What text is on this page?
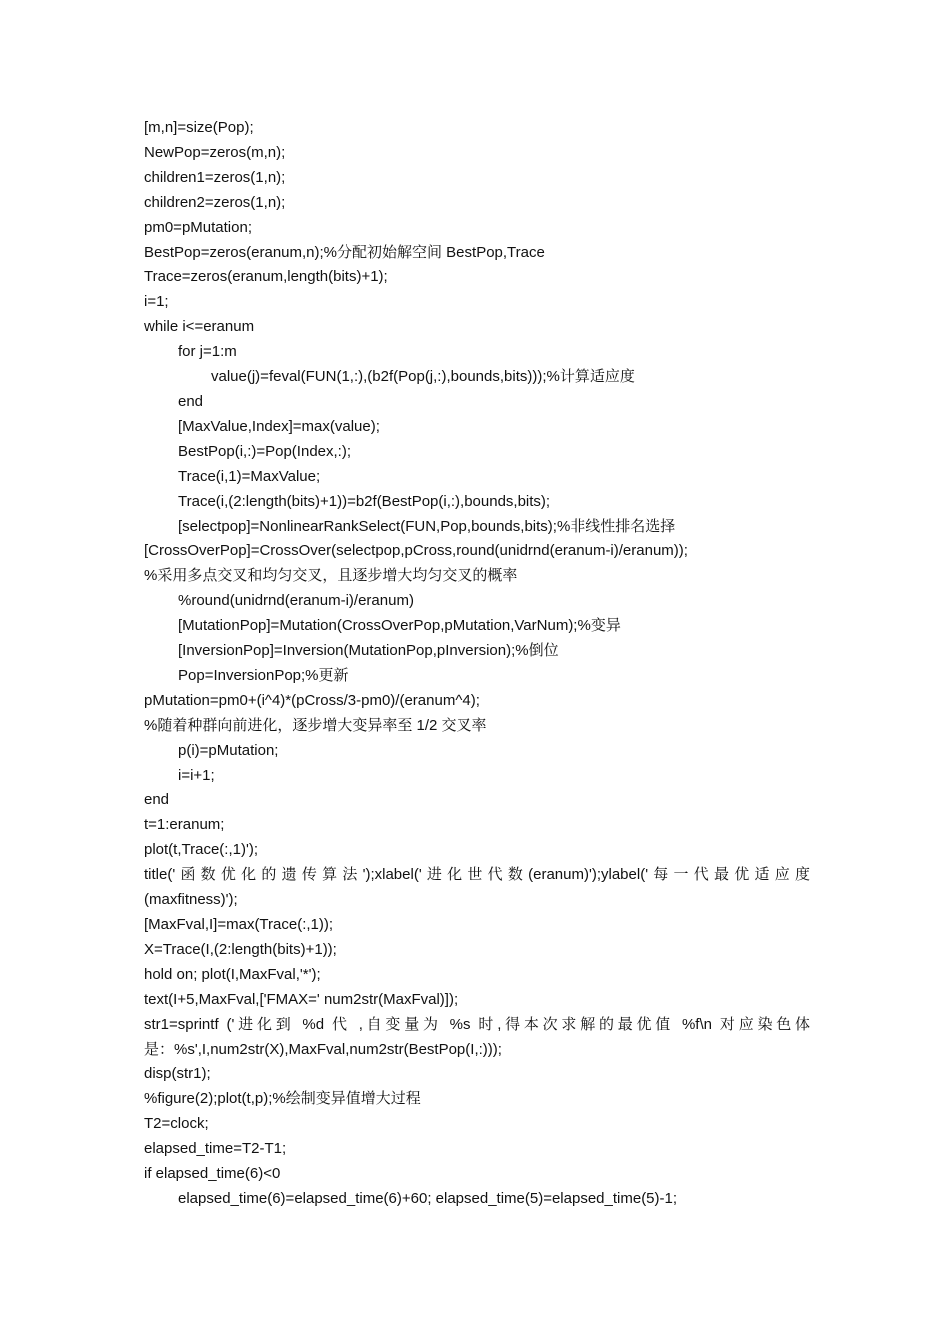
[m,n]=size(Pop);
NewPop=zeros(m,n);
children1=zeros(1,n);
children2=zeros(1,n);
pm0=pMutation;
BestPop=zeros(eranum,n);%分配初始解空间 BestPop,Trace
Trace=zeros(eranum,length(bits)+1);
i=1;
while i<=eranum
for j=1:m
value(j)=feval(FUN(1,:),(b2f(Pop(j,:),bounds,bits)));%计算适应度
end
[MaxValue,Index]=max(value);
BestPop(i,:)=Pop(Index,:);
Trace(i,1)=MaxValue;
Trace(i,(2:length(bits)+1))=b2f(BestPop(i,:),bounds,bits);
[selectpop]=NonlinearRankSelect(FUN,Pop,bounds,bits);%非线性排名选择
[CrossOverPop]=CrossOver(selectpop,pCross,round(unidrnd(eranum-i)/eranum));
%采用多点交叉和均匀交叉，且逐步增大均匀交叉的概率
%round(unidrnd(eranum-i)/eranum)
[MutationPop]=Mutation(CrossOverPop,pMutation,VarNum);%变异
[InversionPop]=Inversion(MutationPop,pInversion);%倒位
Pop=InversionPop;%更新
pMutation=pm0+(i^4)*(pCross/3-pm0)/(eranum^4);
%随着种群向前进化，逐步增大变异率至 1/2 交叉率
p(i)=pMutation;
i=i+1;
end
t=1:eranum;
plot(t,Trace(:,1)');
title('函数优化的遗传算法');xlabel('进化世代数(eranum)');ylabel('每一代最优适应度
(maxfitness)');
[MaxFval,I]=max(Trace(:,1));
X=Trace(I,(2:length(bits)+1));
hold on; plot(I,MaxFval,'*');
text(I+5,MaxFval,['FMAX=' num2str(MaxFval)]);
str1=sprintf ('进化到 %d 代 ,自变量为 %s 时,得本次求解的最优值 %f\n 对应染色体
是：%s',I,num2str(X),MaxFval,num2str(BestPop(I,:)));
disp(str1);
%figure(2);plot(t,p);%绘制变异值增大过程
T2=clock;
elapsed_time=T2-T1;
if elapsed_time(6)<0
elapsed_time(6)=elapsed_time(6)+60; elapsed_time(5)=elapsed_time(5)-1;
